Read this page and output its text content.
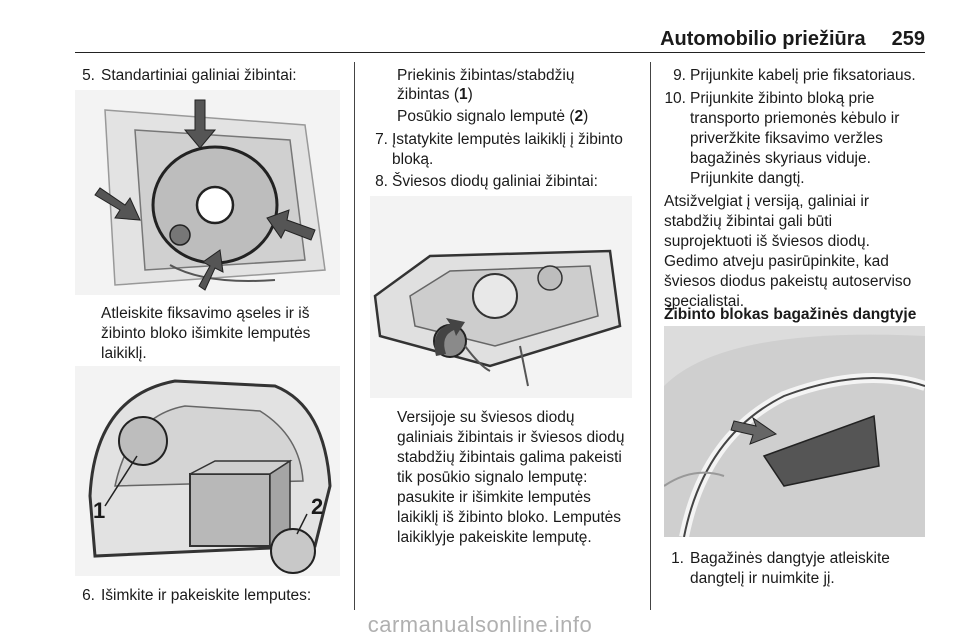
Automobilio priežiūra 259
5. Standartiniai galiniai žibintai:
Atleiskite fiksavimo ąseles ir iš
žibinto bloko išimkite lemputės
laikiklį.
1	2
6. Išimkite ir pakeiskite lemputes:
Priekinis žibintas/stabdžių
žibintas (1)
Posūkio signalo lemputė (2)
7. Įstatykite lemputės laikiklį į žibinto
bloką.
8. Šviesos diodų galiniai žibintai:
Versijoje su šviesos diodų
galiniais žibintais ir šviesos diodų
stabdžių žibintais galima pakeisti
tik posūkio signalo lemputę:
pasukite ir išimkite lemputės
laikiklį iš žibinto bloko. Lemputės
laikiklyje pakeiskite lemputę.
9. Prijunkite kabelį prie fiksatoriaus.
10. Prijunkite žibinto bloką prie
transporto priemonės kėbulo ir
priveržkite fiksavimo veržles
bagažinės skyriaus viduje.
Prijunkite dangtį.
Atsižvelgiat į versiją, galiniai ir
stabdžių žibintai gali būti
suprojektuoti iš šviesos diodų.
Gedimo atveju pasirūpinkite, kad
šviesos diodus pakeistų autoserviso
specialistai.
Žibinto blokas bagažinės dangtyje
1. Bagažinės dangtyje atleiskite
dangtelį ir nuimkite jį.
carmanualsonline.info
